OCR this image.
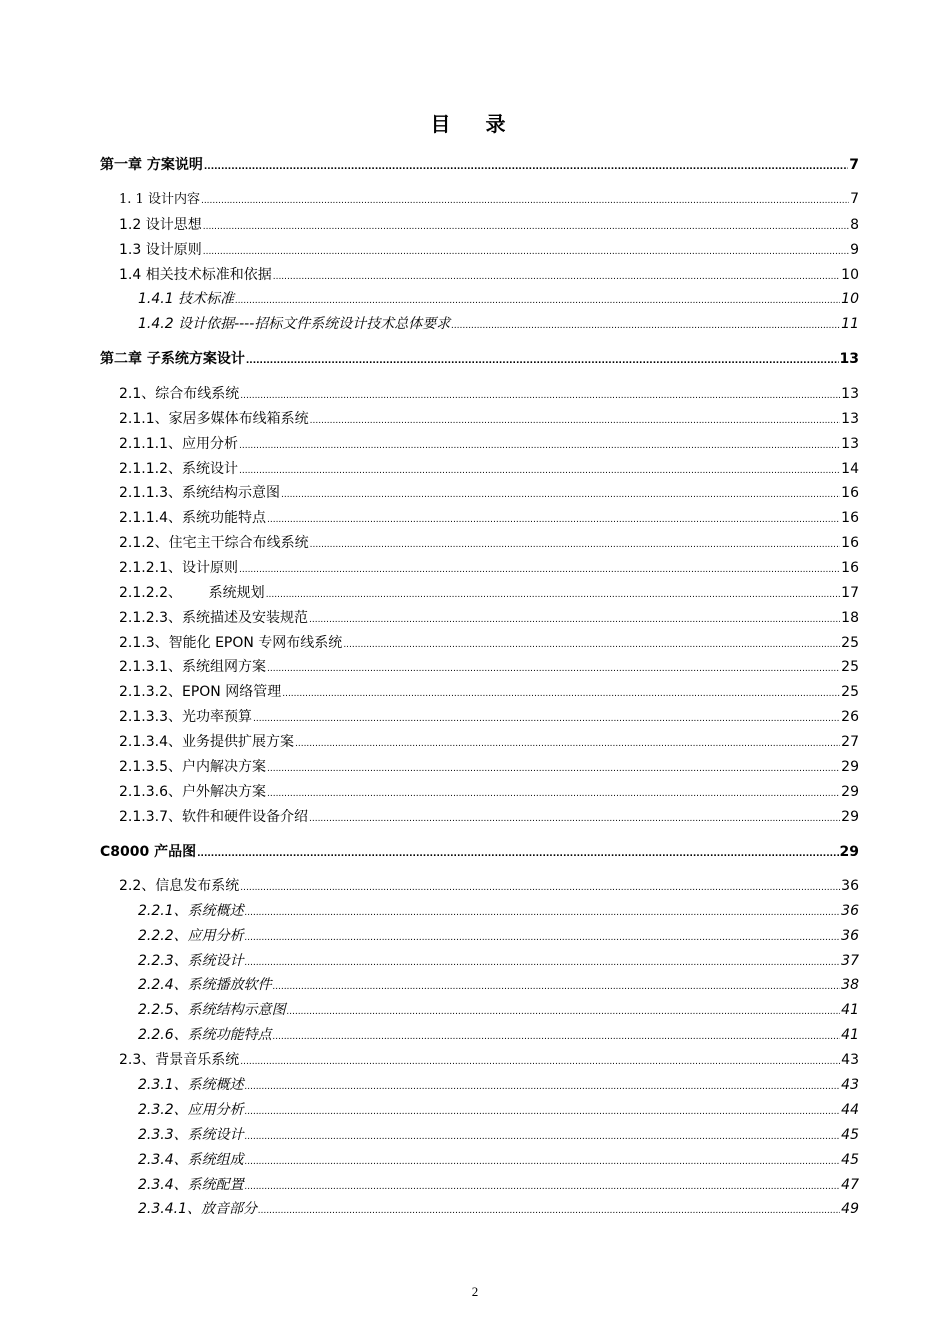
目 录
第一章 方案说明 .....	7
1. 1 设计内容 .....	7
1.2 设计思想 .....	8
1.3 设计原则 .....	9
1.4 相关技术标准和依据 .....	10
1.4.1 技术标准 .....	10
1.4.2 设计依据----招标文件系统设计技术总体要求 .....	11
第二章 子系统方案设计 .....	13
2.1、综合布线系统 .....	13
2.1.1、家居多媒体布线箱系统 .....	13
2.1.1.1、应用分析 .....	13
2.1.1.2、系统设计 .....	14
2.1.1.3、系统结构示意图 .....	16
2.1.1.4、系统功能特点 .....	16
2.1.2、住宅主干综合布线系统 .....	16
2.1.2.1、设计原则 .....	16
2.1.2.2、      系统规划 .....	17
2.1.2.3、系统描述及安装规范 .....	18
2.1.3、智能化 EPON 专网布线系统 .....	25
2.1.3.1、系统组网方案 .....	25
2.1.3.2、EPON 网络管理 .....	25
2.1.3.3、光功率预算 .....	26
2.1.3.4、业务提供扩展方案 .....	27
2.1.3.5、户内解决方案 .....	29
2.1.3.6、户外解决方案 .....	29
2.1.3.7、软件和硬件设备介绍 .....	29
C8000 产品图 .....	29
2.2、信息发布系统 .....	36
2.2.1、系统概述 .....	36
2.2.2、应用分析 .....	36
2.2.3、系统设计 .....	37
2.2.4、系统播放软件 .....	38
2.2.5、系统结构示意图 .....	41
2.2.6、系统功能特点 .....	41
2.3、背景音乐系统 .....	43
2.3.1、系统概述 .....	43
2.3.2、应用分析 .....	44
2.3.3、系统设计 .....	45
2.3.4、系统组成 .....	45
2.3.4、系统配置 .....	47
2.3.4.1、放音部分 .....	49
2
